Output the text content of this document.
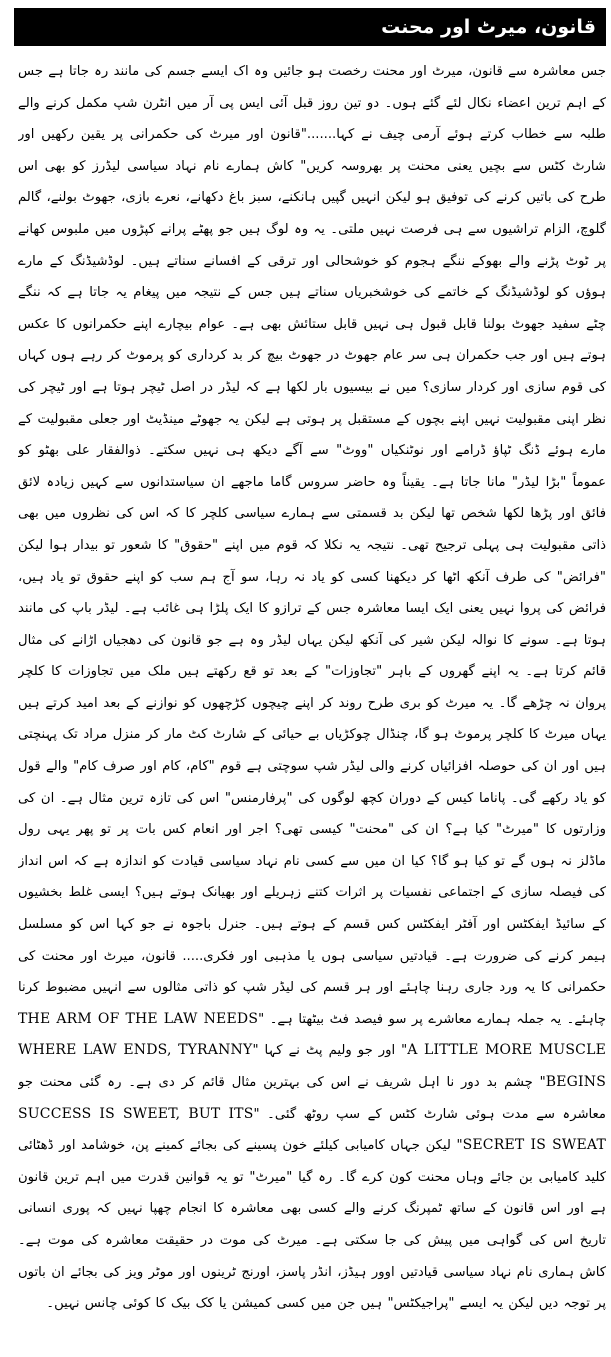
قانون، میرٹ اور محنت

جس معاشرہ سے قانون، میرٹ اور محنت رخصت ہو جائیں وہ اک ایسے جسم کی مانند رہ جاتا ہے جس کے اہم ترین اعضاء نکال لئے گئے ہوں۔ دو تین روز قبل آئی ایس پی آر میں انٹرن شپ مکمل کرنے والے طلبہ سے خطاب کرتے ہوئے آرمی چیف نے کہا......."قانون اور میرٹ کی حکمرانی پر یقین رکھیں اور شارٹ کٹس سے بچیں یعنی محنت پر بھروسہ کریں" کاش ہمارے نام نہاد سیاسی لیڈرز کو بھی اس طرح کی باتیں کرنے کی توفیق ہو لیکن انہیں گپیں ہانکنے، سبز باغ دکھانے، نعرے بازی، جھوٹ بولنے، گالم گلوچ، الزام تراشیوں سے ہی فرصت نہیں ملتی۔ یہ وہ لوگ ہیں جو پھٹے پرانے کپڑوں میں ملبوس کھانے پر ٹوٹ پڑنے والے بھوکے ننگے ہجوم کو خوشحالی اور ترقی کے افسانے سناتے ہیں۔ لوڈشیڈنگ کے مارے ہوؤں کو لوڈشیڈنگ کے خاتمے کی خوشخبریاں سناتے ہیں جس کے نتیجہ میں پیغام یہ جاتا ہے کہ ننگے چٹے سفید جھوٹ بولنا قابل قبول ہی نہیں قابل ستائش بھی ہے۔ عوام بیچارے اپنے حکمرانوں کا عکس ہوتے ہیں اور جب حکمران ہی سر عام جھوٹ در جھوٹ بیچ کر بد کرداری کو پرموٹ کر رہے ہوں کہاں کی قوم سازی اور کردار سازی؟ میں نے بیسیوں بار لکھا ہے کہ لیڈر در اصل ٹیچر ہوتا ہے اور ٹیچر کی نظر اپنی مقبولیت نہیں اپنے بچوں کے مستقبل پر ہوتی ہے لیکن یہ جھوٹے مینڈیٹ اور جعلی مقبولیت کے مارے ہوئے ڈنگ ٹپاؤ ڈرامے اور نوٹنکیاں "ووٹ" سے آگے دیکھ ہی نہیں سکتے۔ ذوالفقار علی بھٹو کو عموماً "بڑا لیڈر" مانا جاتا ہے۔ یقیناً وہ حاضر سروس گاما ماجھے ان سیاستدانوں سے کہیں زیادہ لائق فائق اور پڑھا لکھا شخص تھا لیکن بد قسمتی سے ہمارے سیاسی کلچر کا کہ اس کی نظروں میں بھی ذاتی مقبولیت ہی پہلی ترجیح تھی۔ نتیجہ یہ نکلا کہ قوم میں اپنے "حقوق" کا شعور تو بیدار ہوا لیکن "فرائض" کی طرف آنکھ اٹھا کر دیکھنا کسی کو یاد نہ رہا، سو آج ہم سب کو اپنے حقوق تو یاد ہیں، فرائض کی پروا نہیں یعنی ایک ایسا معاشرہ جس کے ترازو کا ایک پلڑا ہی غائب ہے۔ لیڈر باپ کی مانند ہوتا ہے۔ سونے کا نوالہ لیکن شیر کی آنکھ لیکن یہاں لیڈر وہ ہے جو قانون کی دھجیاں اڑانے کی مثال قائم کرتا ہے۔ یہ اپنے گھروں کے باہر "تجاوزات" کے بعد تو قع رکھتے ہیں ملک میں تجاوزات کا کلچر پروان نہ چڑھے گا۔ یہ میرٹ کو بری طرح روند کر اپنے چیچوں کڑچھوں کو نوازنے کے بعد امید کرتے ہیں یہاں میرٹ کا کلچر پرموٹ ہو گا، چنڈال چوکڑیاں بے حیائی کے شارٹ کٹ مار کر منزل مراد تک پہنچتی ہیں اور ان کی حوصلہ افزائیاں کرنے والی لیڈر شپ سوچتی ہے قوم "کام، کام اور صرف کام" والے قول کو یاد رکھے گی۔ پاناما کیس کے دوران کچھ لوگوں کی "پرفارمنس" اس کی تازہ ترین مثال ہے۔ ان کی وزارتوں کا "میرٹ" کیا ہے؟ ان کی "محنت" کیسی تھی؟ اجر اور انعام کس بات پر تو پھر یہی رول ماڈلز نہ ہوں گے تو کیا ہو گا؟ کیا ان میں سے کسی نام نہاد سیاسی قیادت کو اندازہ ہے کہ اس انداز کی فیصلہ سازی کے اجتماعی نفسیات پر اثرات کتنے زہریلے اور بھیانک ہوتے ہیں؟ ایسی غلط بخشیوں کے سائیڈ ایفکٹس اور آفٹر ایفکٹس کس قسم کے ہوتے ہیں۔ جنرل باجوہ نے جو کہا اس کو مسلسل ہیمر کرنے کی ضرورت ہے۔ قیادتیں سیاسی ہوں یا مذہبی اور فکری..... قانون، میرٹ اور محنت کی حکمرانی کا یہ ورد جاری رہنا چاہئے اور ہر قسم کی لیڈر شپ کو ذاتی مثالوں سے انہیں مضبوط کرنا چاہئے۔ یہ جملہ ہمارے معاشرے پر سو فیصد فٹ بیٹھتا ہے۔ "THE ARM OF THE LAW NEEDS A LITTLE MORE MUSCLE" اور جو ولیم پٹ نے کہا "WHERE LAW ENDS, TYRANNY BEGINS" چشم بد دور نا اہل شریف نے اس کی بہترین مثال قائم کر دی ہے۔ رہ گئی محنت جو معاشرہ سے مدت ہوئی شارٹ کٹس کے سپ روٹھ گئی۔ "SUCCESS IS SWEET, BUT ITS SECRET IS SWEAT" لیکن جہاں کامیابی کیلئے خون پسینے کی بجائے کمینے پن، خوشامد اور ڈھٹائی کلید کامیابی بن جائے وہاں محنت کون کرے گا۔ رہ گیا "میرٹ" تو یہ قوانین قدرت میں اہم ترین قانون ہے اور اس قانون کے ساتھ ٹمپرنگ کرنے والے کسی بھی معاشرہ کا انجام چھپا نہیں کہ پوری انسانی تاریخ اس کی گواہی میں پیش کی جا سکتی ہے۔ میرٹ کی موت در حقیقت معاشرہ کی موت ہے۔ کاش ہماری نام نہاد سیاسی قیادتیں اوور ہیڈز، انڈر پاسز، اورنج ٹرینوں اور موٹر ویز کی بجائے ان باتوں پر توجہ دیں لیکن یہ ایسے "پراجیکٹس" ہیں جن میں کسی کمیشن یا کک بیک کا کوئی چانس نہیں۔
